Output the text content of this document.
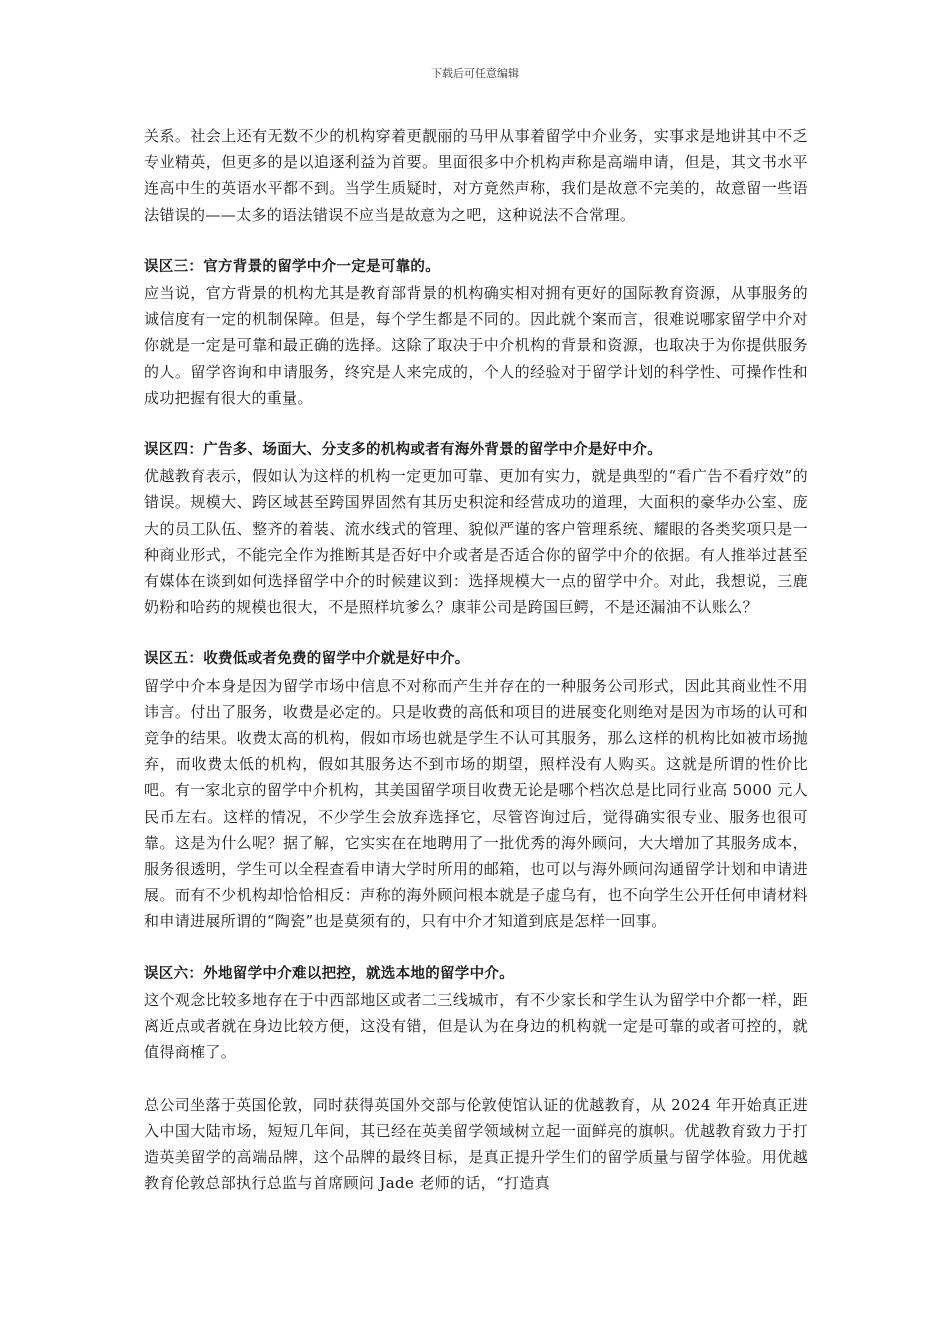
下载后可任意编辑

关系。社会上还有无数不少的机构穿着更靓丽的马甲从事着留学中介业务，实事求是地讲其中不乏专业精英，但更多的是以追逐利益为首要。里面很多中介机构声称是高端申请，但是，其文书水平连高中生的英语水平都不到。当学生质疑时，对方竟然声称，我们是故意不完美的，故意留一些语法错误的——太多的语法错误不应当是故意为之吧，这种说法不合常理。

误区三：官方背景的留学中介一定是可靠的。

应当说，官方背景的机构尤其是教育部背景的机构确实相对拥有更好的国际教育资源，从事服务的诚信度有一定的机制保障。但是，每个学生都是不同的。因此就个案而言，很难说哪家留学中介对你就是一定是可靠和最正确的选择。这除了取决于中介机构的背景和资源，也取决于为你提供服务的人。留学咨询和申请服务，终究是人来完成的，个人的经验对于留学计划的科学性、可操作性和成功把握有很大的重量。

误区四：广告多、场面大、分支多的机构或者有海外背景的留学中介是好中介。

优越教育表示，假如认为这样的机构一定更加可靠、更加有实力，就是典型的“看广告不看疗效”的错误。规模大、跨区域甚至跨国界固然有其历史积淀和经营成功的道理，大面积的豪华办公室、庞大的员工队伍、整齐的着装、流水线式的管理、貌似严谨的客户管理系统、耀眼的各类奖项只是一种商业形式，不能完全作为推断其是否好中介或者是否适合你的留学中介的依据。有人推举过甚至有媒体在谈到如何选择留学中介的时候建议到：选择规模大一点的留学中介。对此，我想说，三鹿奶粉和哈药的规模也很大，不是照样坑爹么？康菲公司是跨国巨鳄，不是还漏油不认账么？

误区五：收费低或者免费的留学中介就是好中介。

留学中介本身是因为留学市场中信息不对称而产生并存在的一种服务公司形式，因此其商业性不用讳言。付出了服务，收费是必定的。只是收费的高低和项目的进展变化则绝对是因为市场的认可和竞争的结果。收费太高的机构，假如市场也就是学生不认可其服务，那么这样的机构比如被市场抛弃，而收费太低的机构，假如其服务达不到市场的期望，照样没有人购买。这就是所谓的性价比吧。有一家北京的留学中介机构，其美国留学项目收费无论是哪个档次总是比同行业高 5000 元人民币左右。这样的情况，不少学生会放弃选择它，尽管咨询过后，觉得确实很专业、服务也很可靠。这是为什么呢？据了解，它实实在在地聘用了一批优秀的海外顾问，大大增加了其服务成本，服务很透明，学生可以全程查看申请大学时所用的邮箱，也可以与海外顾问沟通留学计划和申请进展。而有不少机构却恰恰相反：声称的海外顾问根本就是子虚乌有，也不向学生公开任何申请材料和申请进展所谓的“陶瓷”也是莫须有的，只有中介才知道到底是怎样一回事。

误区六：外地留学中介难以把控，就选本地的留学中介。

这个观念比较多地存在于中西部地区或者二三线城市，有不少家长和学生认为留学中介都一样，距离近点或者就在身边比较方便，这没有错，但是认为在身边的机构就一定是可靠的或者可控的，就值得商榷了。

总公司坐落于英国伦敦，同时获得英国外交部与伦敦使馆认证的优越教育，从 2024 年开始真正进入中国大陆市场，短短几年间，其已经在英美留学领域树立起一面鲜亮的旗帜。优越教育致力于打造英美留学的高端品牌，这个品牌的最终目标，是真正提升学生们的留学质量与留学体验。用优越教育伦敦总部执行总监与首席顾问 Jade 老师的话，“打造真
